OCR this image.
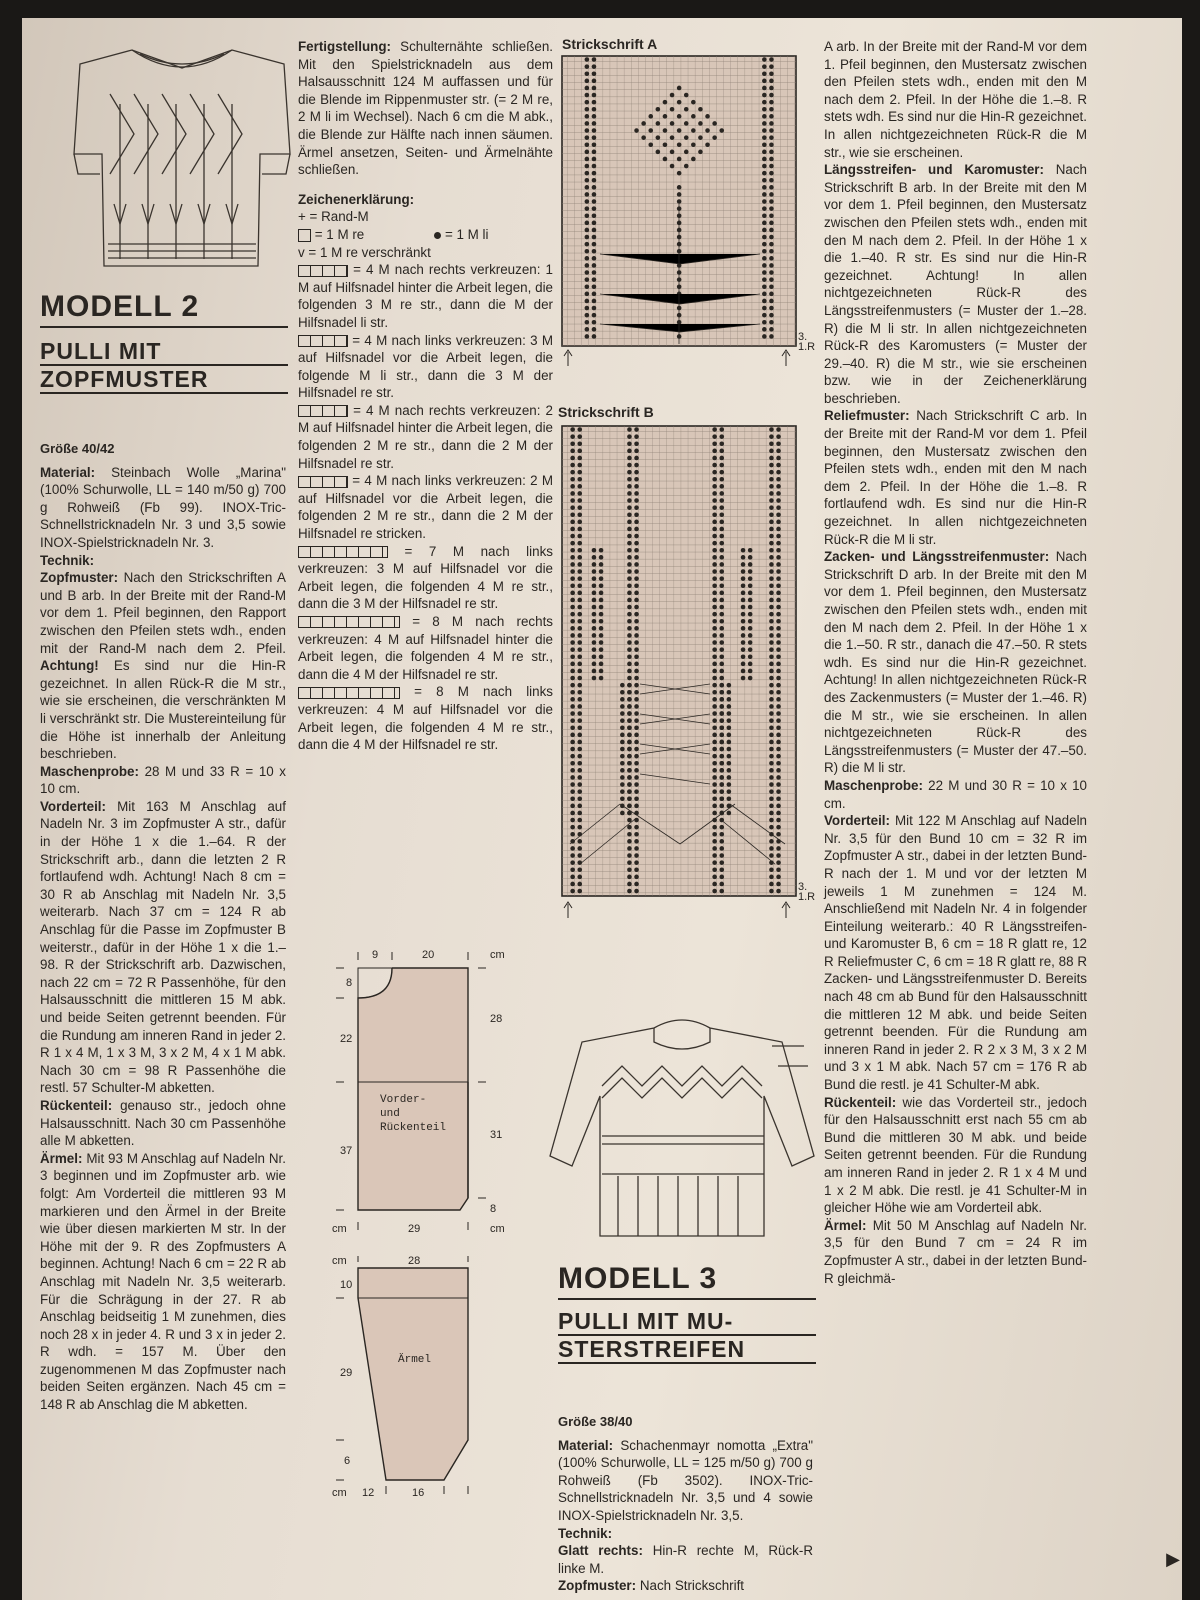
MODELL 2
PULLI MIT
ZOPFMUSTER

Größe 40/42

Material: Steinbach Wolle „Marina" (100% Schurwolle, LL = 140 m/50 g) 700 g Rohweiß (Fb 99). INOX-Tric-Schnellstricknadeln Nr. 3 und 3,5 sowie INOX-Spielstricknadeln Nr. 3.

Technik:

Zopfmuster: Nach den Strickschriften A und B arb. In der Breite mit der Rand-M vor dem 1. Pfeil beginnen, den Rapport zwischen den Pfeilen stets wdh., enden mit der Rand-M nach dem 2. Pfeil. Achtung! Es sind nur die Hin-R gezeichnet. In allen Rück-R die M str., wie sie erscheinen, die verschränkten M li verschränkt str. Die Mustereinteilung für die Höhe ist innerhalb der Anleitung beschrieben.

Maschenprobe: 28 M und 33 R = 10 x 10 cm.

Vorderteil: Mit 163 M Anschlag auf Nadeln Nr. 3 im Zopfmuster A str., dafür in der Höhe 1 x die 1.–64. R der Strickschrift arb., dann die letzten 2 R fortlaufend wdh. Achtung! Nach 8 cm = 30 R ab Anschlag mit Nadeln Nr. 3,5 weiterarb. Nach 37 cm = 124 R ab Anschlag für die Passe im Zopfmuster B weiterstr., dafür in der Höhe 1 x die 1.–98. R der Strickschrift arb. Dazwischen, nach 22 cm = 72 R Passenhöhe, für den Halsausschnitt die mittleren 15 M abk. und beide Seiten getrennt beenden. Für die Rundung am inneren Rand in jeder 2. R 1 x 4 M, 1 x 3 M, 3 x 2 M, 4 x 1 M abk. Nach 30 cm = 98 R Passenhöhe die restl. 57 Schulter-M abketten.

Rückenteil: genauso str., jedoch ohne Halsausschnitt. Nach 30 cm Passenhöhe alle M abketten.

Ärmel: Mit 93 M Anschlag auf Nadeln Nr. 3 beginnen und im Zopfmuster arb. wie folgt: Am Vorderteil die mittleren 93 M markieren und den Ärmel in der Breite wie über diesen markierten M str. In der Höhe mit der 9. R des Zopfmusters A beginnen. Achtung! Nach 6 cm = 22 R ab Anschlag mit Nadeln Nr. 3,5 weiterarb. Für die Schrägung in der 27. R ab Anschlag beidseitig 1 M zunehmen, dies noch 28 x in jeder 4. R und 3 x in jeder 2. R wdh. = 157 M. Über den zugenommenen M das Zopfmuster nach beiden Seiten ergänzen. Nach 45 cm = 148 R ab Anschlag die M abketten.

Fertigstellung: Schulternähte schließen. Mit den Spielstricknadeln aus dem Halsausschnitt 124 M auffassen und für die Blende im Rippenmuster str. (= 2 M re, 2 M li im Wechsel). Nach 6 cm die M abk., die Blende zur Hälfte nach innen säumen. Ärmel ansetzen, Seiten- und Ärmelnähte schließen.

Zeichenerklärung:

+ = Rand-M

= 1 M re	= 1 M li

v = 1 M re verschränkt

= 4 M nach rechts verkreuzen: 1 M auf Hilfsnadel hinter die Arbeit legen, die folgenden 3 M re str., dann die M der Hilfsnadel li str.

= 4 M nach links verkreuzen: 3 M auf Hilfsnadel vor die Arbeit legen, die folgende M li str., dann die 3 M der Hilfsnadel re str.

= 4 M nach rechts verkreuzen: 2 M auf Hilfsnadel hinter die Arbeit legen, die folgenden 2 M re str., dann die 2 M der Hilfsnadel re str.

= 4 M nach links verkreuzen: 2 M auf Hilfsnadel vor die Arbeit legen, die folgenden 2 M re str., dann die 2 M der Hilfsnadel re stricken.

= 7 M nach links verkreuzen: 3 M auf Hilfsnadel vor die Arbeit legen, die folgenden 4 M re str., dann die 3 M der Hilfsnadel re str.

= 8 M nach rechts verkreuzen: 4 M auf Hilfsnadel hinter die Arbeit legen, die folgenden 4 M re str., dann die 4 M der Hilfsnadel re str.

= 8 M nach links verkreuzen: 4 M auf Hilfsnadel vor die Arbeit legen, die folgenden 4 M re str., dann die 4 M der Hilfsnadel re str.

9	20	cm
8
22
37
28
31
8
29
cm	cm
Vorder-
und
Rückenteil
cm	28
10
29
6
cm 12	16
Ärmel
Strickschrift A
Strickschrift B
3.
1.R
3.
1.R
MODELL 3
PULLI MIT MU-
STERSTREIFEN

Größe 38/40

Material: Schachenmayr nomotta „Extra" (100% Schurwolle, LL = 125 m/50 g) 700 g Rohweiß (Fb 3502). INOX-Tric-Schnellstricknadeln Nr. 3,5 und 4 sowie INOX-Spielstricknadeln Nr. 3,5.

Technik:

Glatt rechts: Hin-R rechte M, Rück-R linke M.

Zopfmuster: Nach Strickschrift

A arb. In der Breite mit der Rand-M vor dem 1. Pfeil beginnen, den Mustersatz zwischen den Pfeilen stets wdh., enden mit den M nach dem 2. Pfeil. In der Höhe die 1.–8. R stets wdh. Es sind nur die Hin-R gezeichnet. In allen nichtgezeichneten Rück-R die M str., wie sie erscheinen.

Längsstreifen- und Karomuster: Nach Strickschrift B arb. In der Breite mit den M vor dem 1. Pfeil beginnen, den Mustersatz zwischen den Pfeilen stets wdh., enden mit den M nach dem 2. Pfeil. In der Höhe 1 x die 1.–40. R str. Es sind nur die Hin-R gezeichnet. Achtung! In allen nichtgezeichneten Rück-R des Längsstreifenmusters (= Muster der 1.–28. R) die M li str. In allen nichtgezeichneten Rück-R des Karomusters (= Muster der 29.–40. R) die M str., wie sie erscheinen bzw. wie in der Zeichenerklärung beschrieben.

Reliefmuster: Nach Strickschrift C arb. In der Breite mit der Rand-M vor dem 1. Pfeil beginnen, den Mustersatz zwischen den Pfeilen stets wdh., enden mit den M nach dem 2. Pfeil. In der Höhe die 1.–8. R fortlaufend wdh. Es sind nur die Hin-R gezeichnet. In allen nichtgezeichneten Rück-R die M li str.

Zacken- und Längsstreifenmuster: Nach Strickschrift D arb. In der Breite mit den M vor dem 1. Pfeil beginnen, den Mustersatz zwischen den Pfeilen stets wdh., enden mit den M nach dem 2. Pfeil. In der Höhe 1 x die 1.–50. R str., danach die 47.–50. R stets wdh. Es sind nur die Hin-R gezeichnet. Achtung! In allen nichtgezeichneten Rück-R des Zackenmusters (= Muster der 1.–46. R) die M str., wie sie erscheinen. In allen nichtgezeichneten Rück-R des Längsstreifenmusters (= Muster der 47.–50. R) die M li str.

Maschenprobe: 22 M und 30 R = 10 x 10 cm.

Vorderteil: Mit 122 M Anschlag auf Nadeln Nr. 3,5 für den Bund 10 cm = 32 R im Zopfmuster A str., dabei in der letzten Bund-R nach der 1. M und vor der letzten M jeweils 1 M zunehmen = 124 M. Anschließend mit Nadeln Nr. 4 in folgender Einteilung weiterarb.: 40 R Längsstreifen- und Karomuster B, 6 cm = 18 R glatt re, 12 R Reliefmuster C, 6 cm = 18 R glatt re, 88 R Zacken- und Längsstreifenmuster D. Bereits nach 48 cm ab Bund für den Halsausschnitt die mittleren 12 M abk. und beide Seiten getrennt beenden. Für die Rundung am inneren Rand in jeder 2. R 2 x 3 M, 3 x 2 M und 3 x 1 M abk. Nach 57 cm = 176 R ab Bund die restl. je 41 Schulter-M abk.

Rückenteil: wie das Vorderteil str., jedoch für den Halsausschnitt erst nach 55 cm ab Bund die mittleren 30 M abk. und beide Seiten getrennt beenden. Für die Rundung am inneren Rand in jeder 2. R 1 x 4 M und 1 x 2 M abk. Die restl. je 41 Schulter-M in gleicher Höhe wie am Vorderteil abk.

Ärmel: Mit 50 M Anschlag auf Nadeln Nr. 3,5 für den Bund 7 cm = 24 R im Zopfmuster A str., dabei in der letzten Bund-R gleichmä-

▶
